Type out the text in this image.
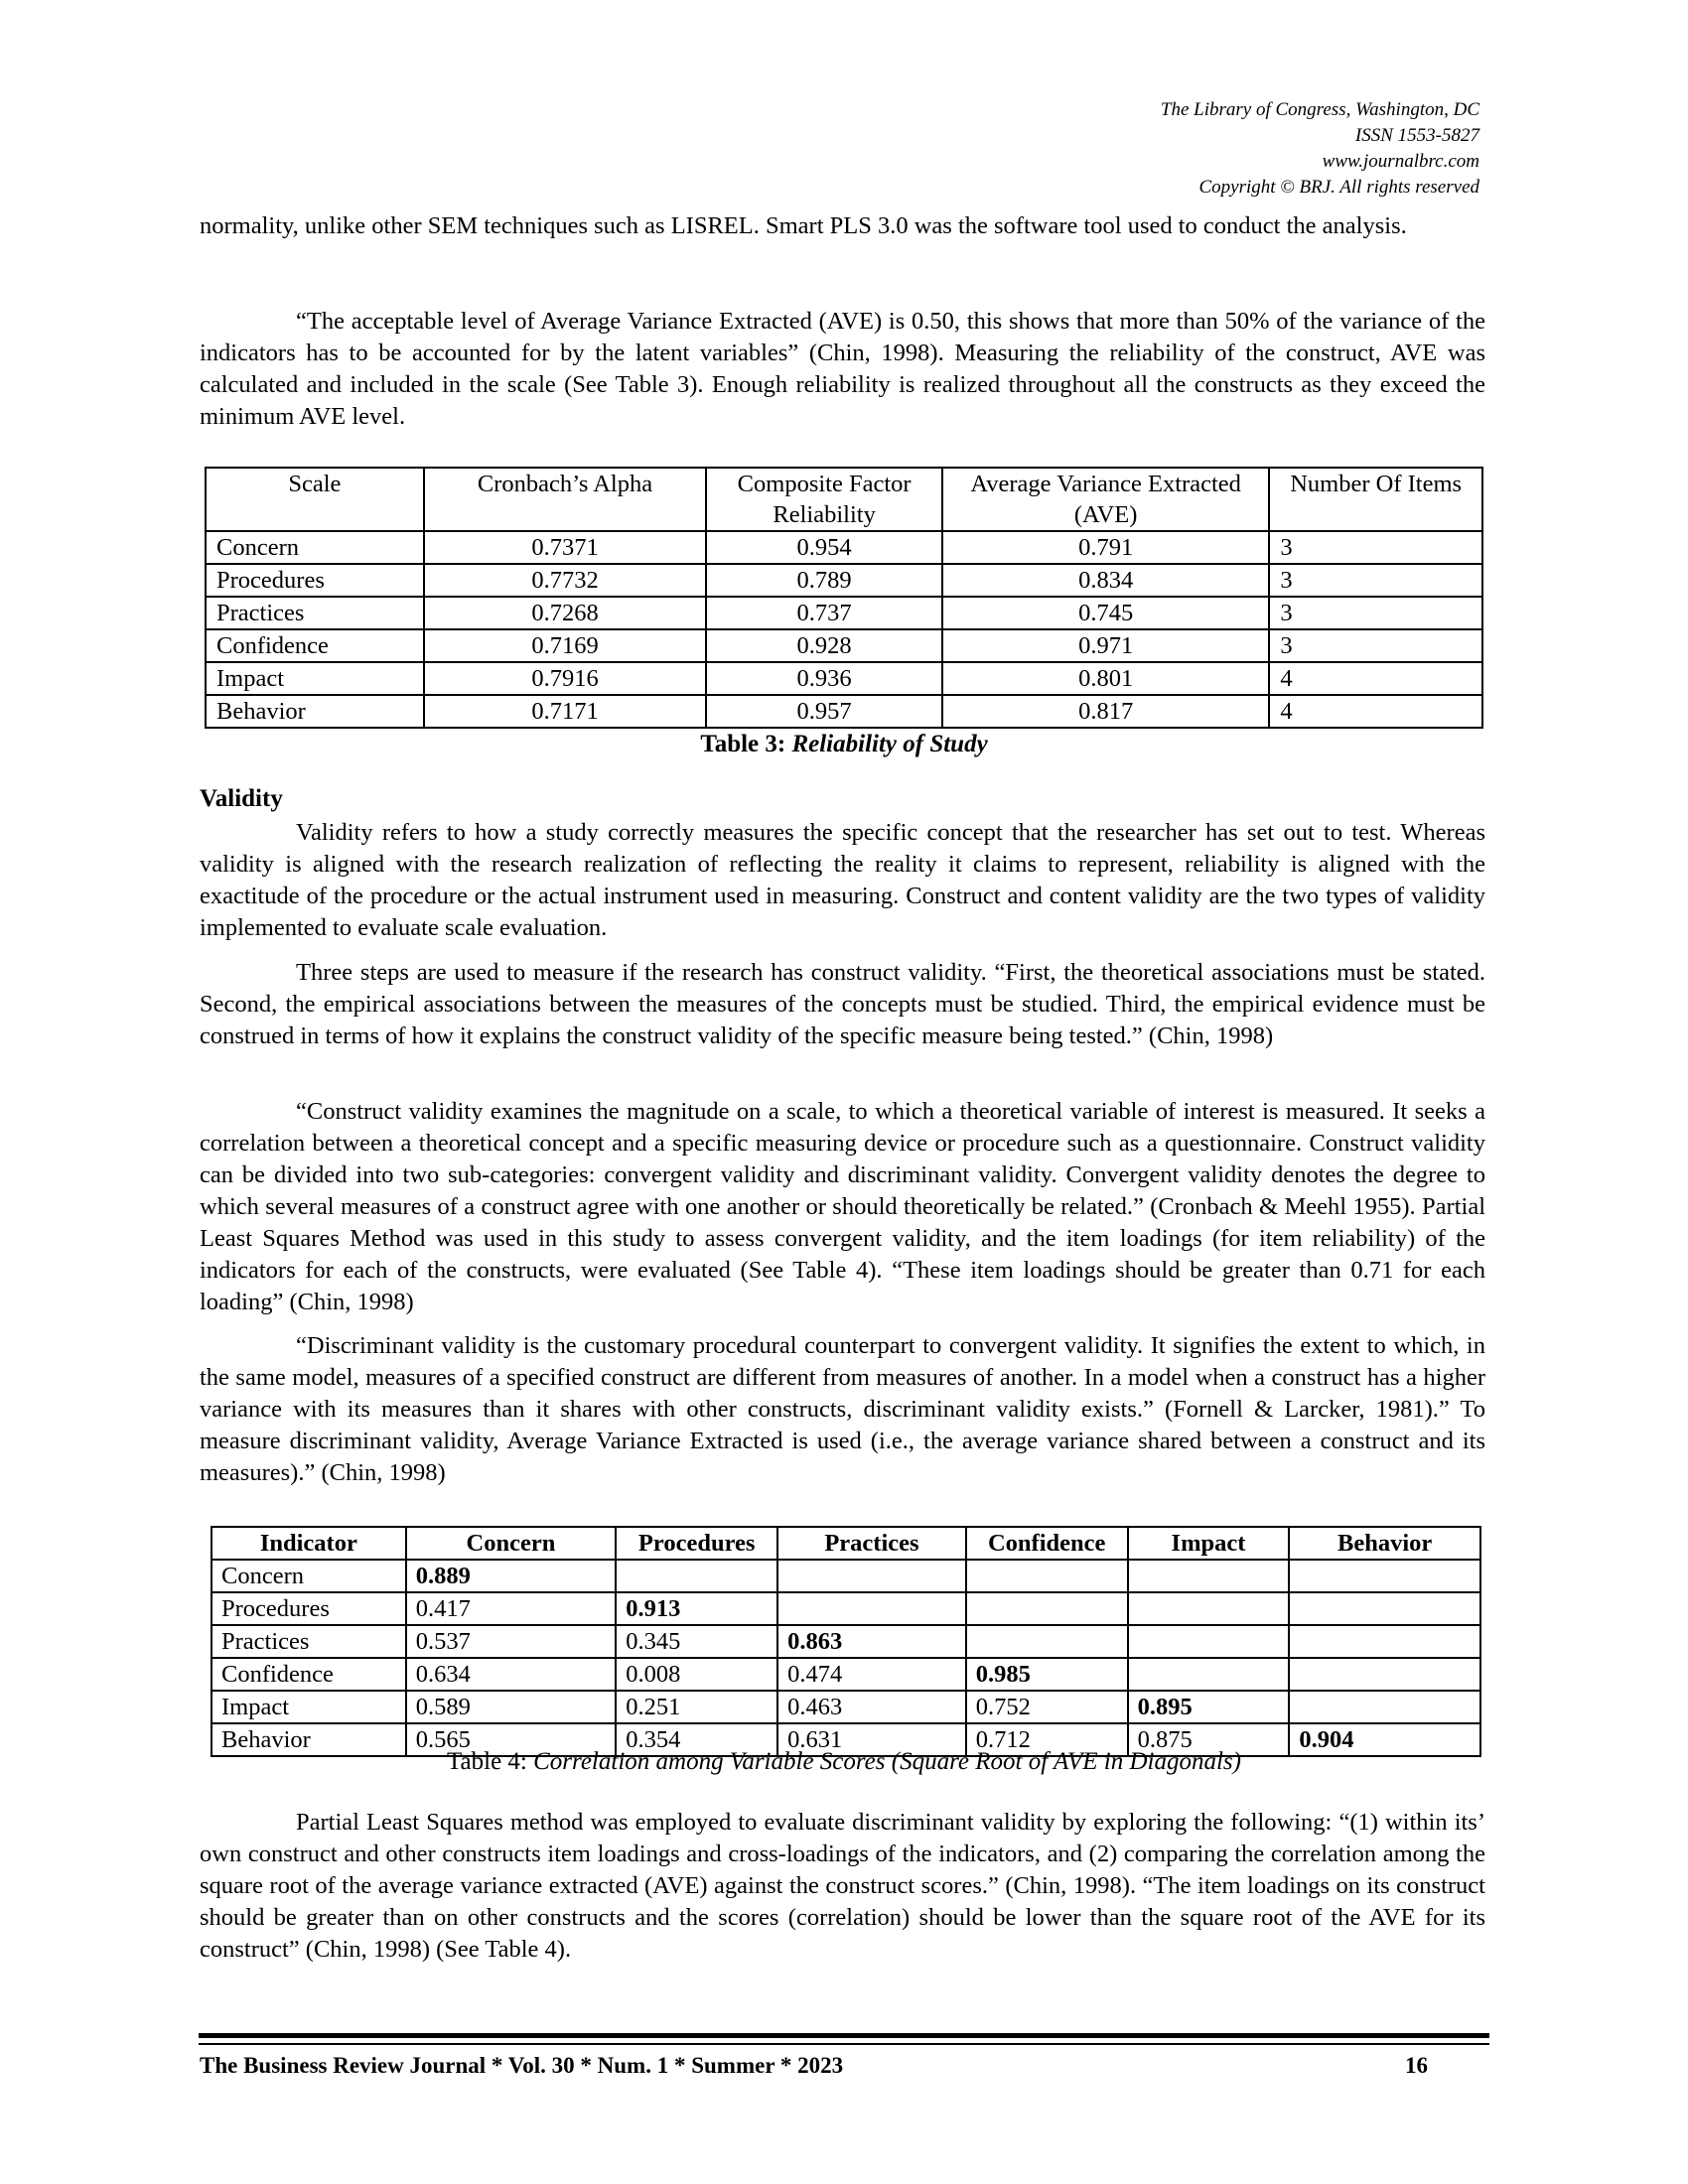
The Library of Congress, Washington, DC
ISSN 1553-5827
www.journalbrc.com
Copyright © BRJ. All rights reserved

normality, unlike other SEM techniques such as LISREL. Smart PLS 3.0 was the software tool used to conduct the analysis.

“The acceptable level of Average Variance Extracted (AVE) is 0.50, this shows that more than 50% of the variance of the indicators has to be accounted for by the latent variables” (Chin, 1998). Measuring the reliability of the construct, AVE was calculated and included in the scale (See Table 3). Enough reliability is realized throughout all the constructs as they exceed the minimum AVE level.

Scale	Cronbach’s Alpha	Composite Factor Reliability	Average Variance Extracted (AVE)	Number Of Items
Concern	0.7371	0.954	0.791	3
Procedures	0.7732	0.789	0.834	3
Practices	0.7268	0.737	0.745	3
Confidence	0.7169	0.928	0.971	3
Impact	0.7916	0.936	0.801	4
Behavior	0.7171	0.957	0.817	4
Table 3: Reliability of Study
Validity

Validity refers to how a study correctly measures the specific concept that the researcher has set out to test. Whereas validity is aligned with the research realization of reflecting the reality it claims to represent, reliability is aligned with the exactitude of the procedure or the actual instrument used in measuring. Construct and content validity are the two types of validity implemented to evaluate scale evaluation.

Three steps are used to measure if the research has construct validity. “First, the theoretical associations must be stated. Second, the empirical associations between the measures of the concepts must be studied. Third, the empirical evidence must be construed in terms of how it explains the construct validity of the specific measure being tested.” (Chin, 1998)

“Construct validity examines the magnitude on a scale, to which a theoretical variable of interest is measured. It seeks a correlation between a theoretical concept and a specific measuring device or procedure such as a questionnaire. Construct validity can be divided into two sub-categories: convergent validity and discriminant validity. Convergent validity denotes the degree to which several measures of a construct agree with one another or should theoretically be related.” (Cronbach & Meehl 1955). Partial Least Squares Method was used in this study to assess convergent validity, and the item loadings (for item reliability) of the indicators for each of the constructs, were evaluated (See Table 4). “These item loadings should be greater than 0.71 for each loading” (Chin, 1998)

“Discriminant validity is the customary procedural counterpart to convergent validity. It signifies the extent to which, in the same model, measures of a specified construct are different from measures of another. In a model when a construct has a higher variance with its measures than it shares with other constructs, discriminant validity exists.” (Fornell & Larcker, 1981).” To measure discriminant validity, Average Variance Extracted is used (i.e., the average variance shared between a construct and its measures).” (Chin, 1998)

Indicator	Concern	Procedures	Practices	Confidence	Impact	Behavior
Concern	0.889					
Procedures	0.417	0.913				
Practices	0.537	0.345	0.863			
Confidence	0.634	0.008	0.474	0.985		
Impact	0.589	0.251	0.463	0.752	0.895	
Behavior	0.565	0.354	0.631	0.712	0.875	0.904
Table 4: Correlation among Variable Scores (Square Root of AVE in Diagonals)

Partial Least Squares method was employed to evaluate discriminant validity by exploring the following: “(1) within its’ own construct and other constructs item loadings and cross-loadings of the indicators, and (2) comparing the correlation among the square root of the average variance extracted (AVE) against the construct scores.” (Chin, 1998). “The item loadings on its construct should be greater than on other constructs and the scores (correlation) should be lower than the square root of the AVE for its construct” (Chin, 1998) (See Table 4).

The Business Review Journal * Vol. 30 * Num. 1 * Summer * 2023	16
